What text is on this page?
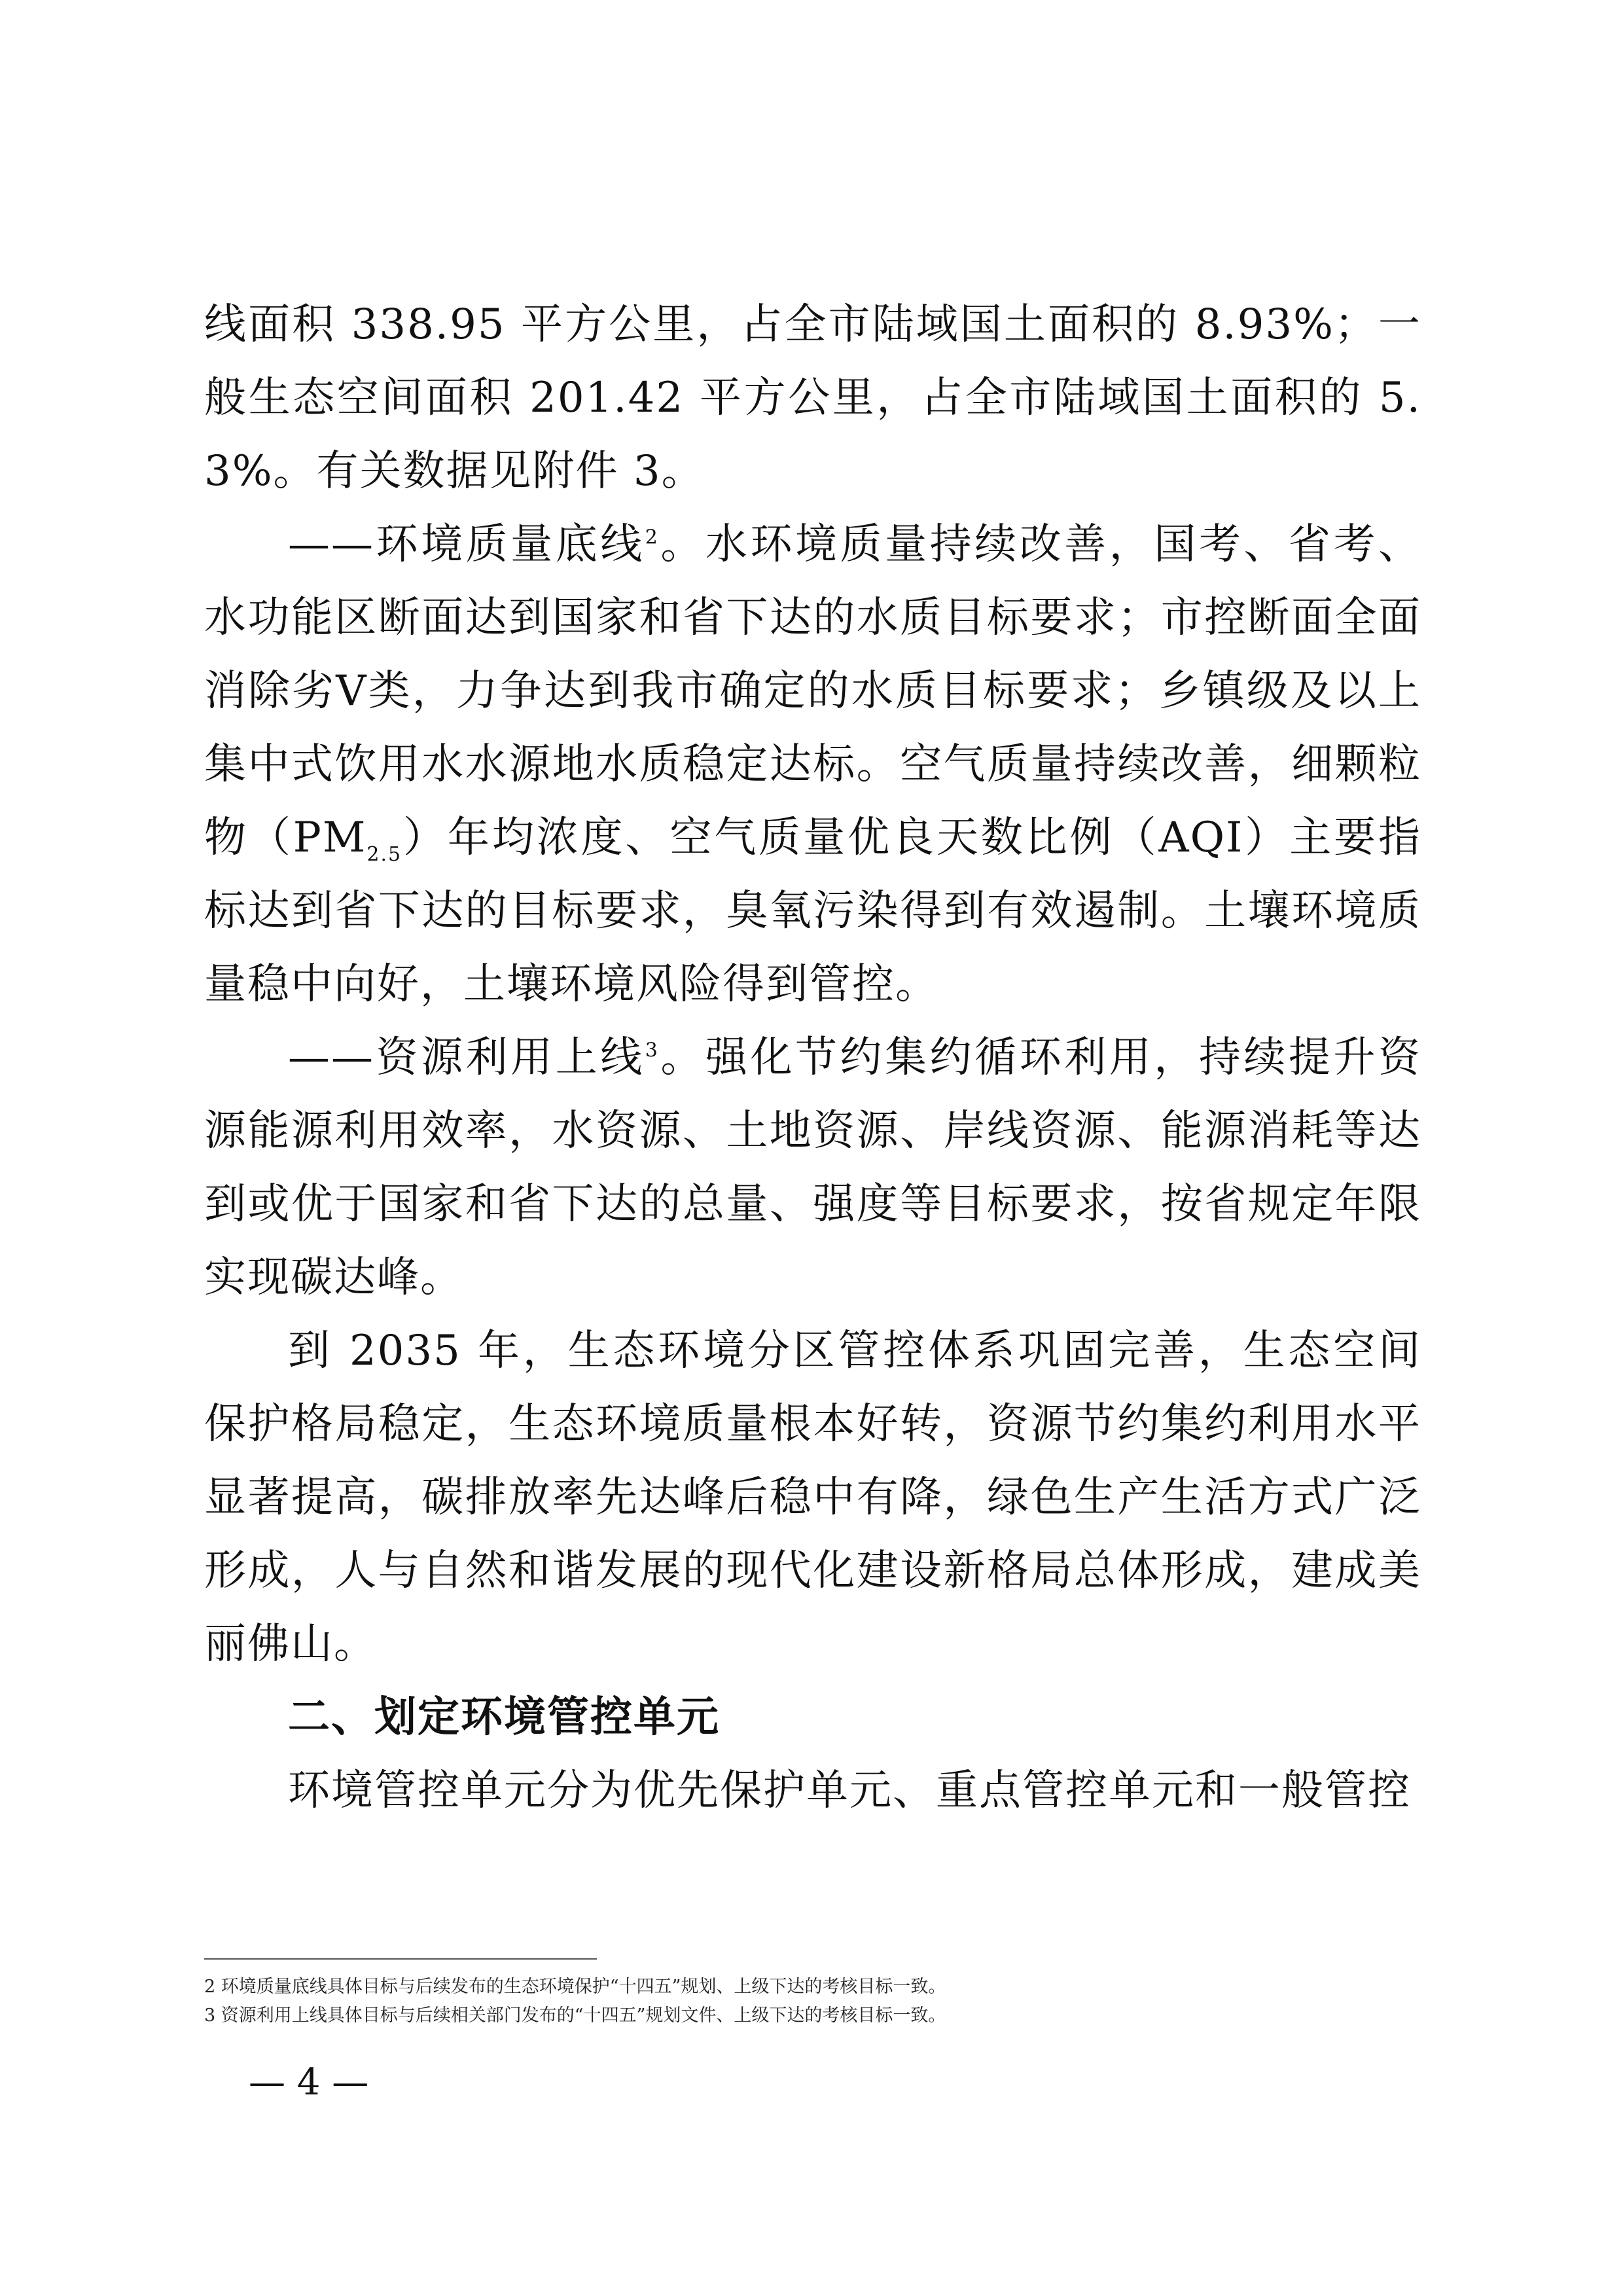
线面积 338.95 平方公里，占全市陆域国土面积的 8.93%；一般生态空间面积 201.42 平方公里，占全市陆域国土面积的 5.3%。有关数据见附件 3。

——环境质量底线$^2$。水环境质量持续改善，国考、省考、水功能区断面达到国家和省下达的水质目标要求；市控断面全面消除劣Ⅴ类，力争达到我市确定的水质目标要求；乡镇级及以上集中式饮用水水源地水质稳定达标。空气质量持续改善，细颗粒物$(PM_{2.5})$年均浓度、空气质量优良天数比例（AQI）主要指标达到省下达的目标要求，臭氧污染得到有效遏制。土壤环境质量稳中向好，土壤环境风险得到管控。

——资源利用上线$^3$。强化节约集约循环利用，持续提升资源能源利用效率，水资源、土地资源、岸线资源、能源消耗等达到或优于国家和省下达的总量、强度等目标要求，按省规定年限实现碳达峰。

到 2035 年，生态环境分区管控体系巩固完善，生态空间保护格局稳定，生态环境质量根本好转，资源节约集约利用水平显著提高，碳排放率先达峰后稳中有降，绿色生产生活方式广泛形成，人与自然和谐发展的现代化建设新格局总体形成，建成美丽佛山。

二、划定环境管控单元

环境管控单元分为优先保护单元、重点管控单元和一般管控

2 环境质量底线具体目标与后续发布的生态环境保护“十四五”规划、上级下达的考核目标一致。

3 资源利用上线具体目标与后续相关部门发布的“十四五”规划文件、上级下达的考核目标一致。

— 4 —
